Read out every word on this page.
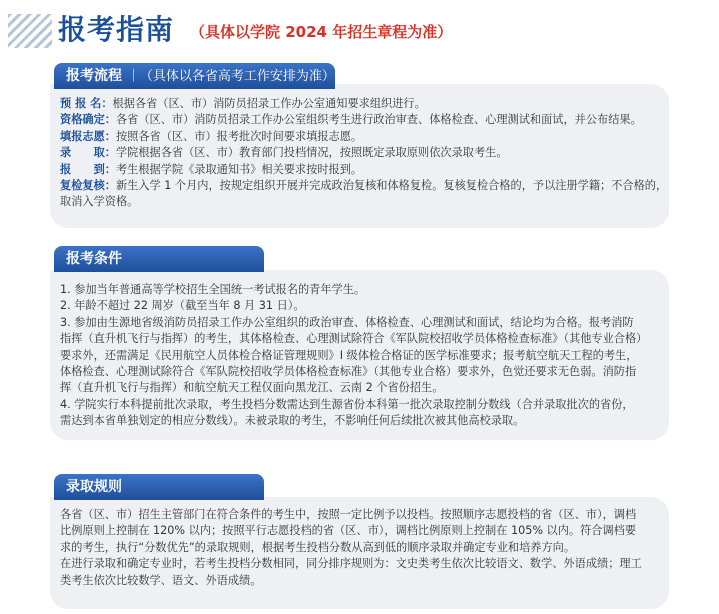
报考指南 （具体以学院 2024 年招生章程为准）
报考流程 ｜（具体以各省高考工作安排为准）
预 报 名：根据各省（区、市）消防员招录工作办公室通知要求组织进行。
资格确定：各省（区、市）消防员招录工作办公室组织考生进行政治审查、体格检查、心理测试和面试，并公布结果。
填报志愿：按照各省（区、市）报考批次时间要求填报志愿。
录　　取：学院根据各省（区、市）教育部门投档情况，按照既定录取原则依次录取考生。
报　　到：考生根据学院《录取通知书》相关要求按时报到。
复检复核：新生入学 1 个月内，按规定组织开展并完成政治复核和体格复检。复核复检合格的，予以注册学籍；不合格的，
取消入学资格。
报考条件

1. 参加当年普通高等学校招生全国统一考试报名的青年学生。

2. 年龄不超过 22 周岁（截至当年 8 月 31 日）。

3. 参加由生源地省级消防员招录工作办公室组织的政治审查、体格检查、心理测试和面试，结论均为合格。报考消防

指挥（直升机飞行与指挥）的考生，其体格检查、心理测试除符合《军队院校招收学员体格检查标准》（其他专业合格）

要求外，还需满足《民用航空人员体检合格证管理规则》I 级体检合格证的医学标准要求；报考航空航天工程的考生，

体格检查、心理测试除符合《军队院校招收学员体格检查标准》（其他专业合格）要求外，色觉还要求无色弱。消防指

挥（直升机飞行与指挥）和航空航天工程仅面向黑龙江、云南 2 个省份招生。

4. 学院实行本科提前批次录取，考生投档分数需达到生源省份本科第一批次录取控制分数线（合并录取批次的省份，

需达到本省单独划定的相应分数线）。未被录取的考生，不影响任何后续批次被其他高校录取。

录取规则

各省（区、市）招生主管部门在符合条件的考生中，按照一定比例予以投档。按照顺序志愿投档的省（区、市），调档

比例原则上控制在 120% 以内；按照平行志愿投档的省（区、市），调档比例原则上控制在 105% 以内。符合调档要

求的考生，执行“分数优先”的录取规则，根据考生投档分数从高到低的顺序录取并确定专业和培养方向。

在进行录取和确定专业时，若考生投档分数相同，同分排序规则为：文史类考生依次比较语文、数学、外语成绩；理工

类考生依次比较数学、语文、外语成绩。
